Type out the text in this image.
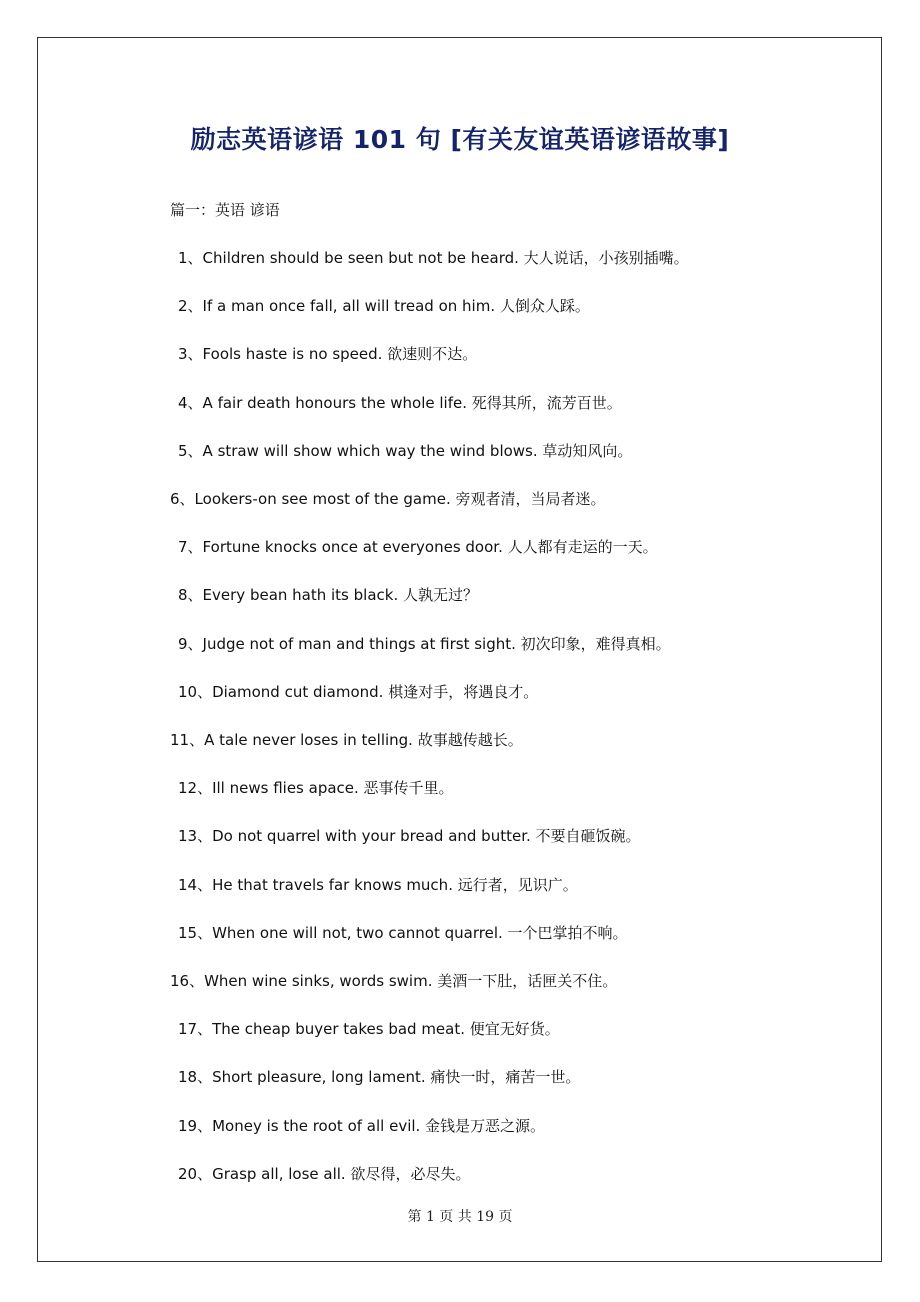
励志英语谚语 101 句 [有关友谊英语谚语故事]
篇一：英语 谚语
1、Children should be seen but not be heard. 大人说话，小孩别插嘴。
2、If a man once fall, all will tread on him. 人倒众人踩。
3、Fools haste is no speed. 欲速则不达。
4、A fair death honours the whole life. 死得其所，流芳百世。
5、A straw will show which way the wind blows. 草动知风向。
6、Lookers-on see most of the game. 旁观者清，当局者迷。
7、Fortune knocks once at everyones door. 人人都有走运的一天。
8、Every bean hath its black. 人孰无过？
9、Judge not of man and things at first sight. 初次印象，难得真相。
10、Diamond cut diamond. 棋逢对手，将遇良才。
11、A tale never loses in telling. 故事越传越长。
12、Ill news flies apace. 恶事传千里。
13、Do not quarrel with your bread and butter. 不要自砸饭碗。
14、He that travels far knows much. 远行者，见识广。
15、When one will not, two cannot quarrel. 一个巴掌拍不响。
16、When wine sinks, words swim. 美酒一下肚，话匣关不住。
17、The cheap buyer takes bad meat. 便宜无好货。
18、Short pleasure, long lament. 痛快一时，痛苦一世。
19、Money is the root of all evil. 金钱是万恶之源。
20、Grasp all, lose all. 欲尽得，必尽失。
第 1 页 共 19 页
